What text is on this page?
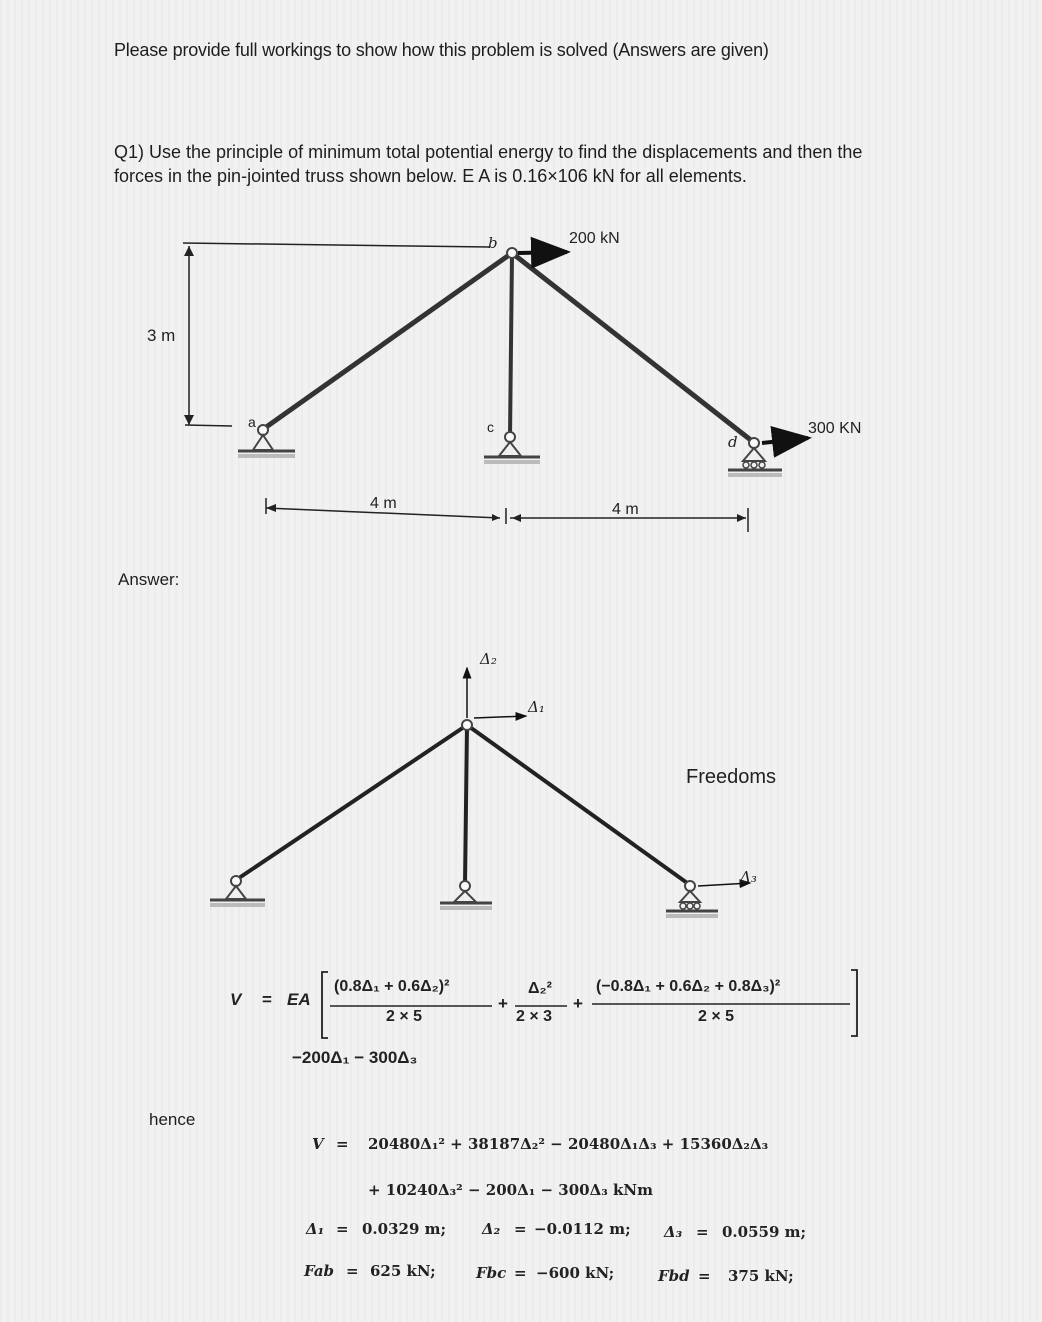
Please provide full workings to show how this problem is solved (Answers are given)
Q1) Use the principle of minimum total potential energy to find the displacements and then the
forces in the pin-jointed truss shown below. E A is 0.16×106 kN for all elements.
b
a	c
d
200 kN
300 KN
3 m
4 m	4 m
Δ₂
Δ₁
Δ₃
Freedoms
Answer:
V = EA
(0.8Δ₁ + 0.6Δ₂)²
2 × 5
+
Δ₂²
2 × 3
+
(−0.8Δ₁ + 0.6Δ₂ + 0.8Δ₃)²
2 × 5
−200Δ₁ − 300Δ₃
hence
V = 20480Δ₁² + 38187Δ₂² − 20480Δ₁Δ₃ + 15360Δ₂Δ₃
+ 10240Δ₃² − 200Δ₁ − 300Δ₃ kNm
Δ₁ = 0.0329 m; Δ₂ = −0.0112 m; Δ₃ = 0.0559 m;
Fab = 625 kN;	Fbc = −600 kN;	Fbd = 375 kN;
